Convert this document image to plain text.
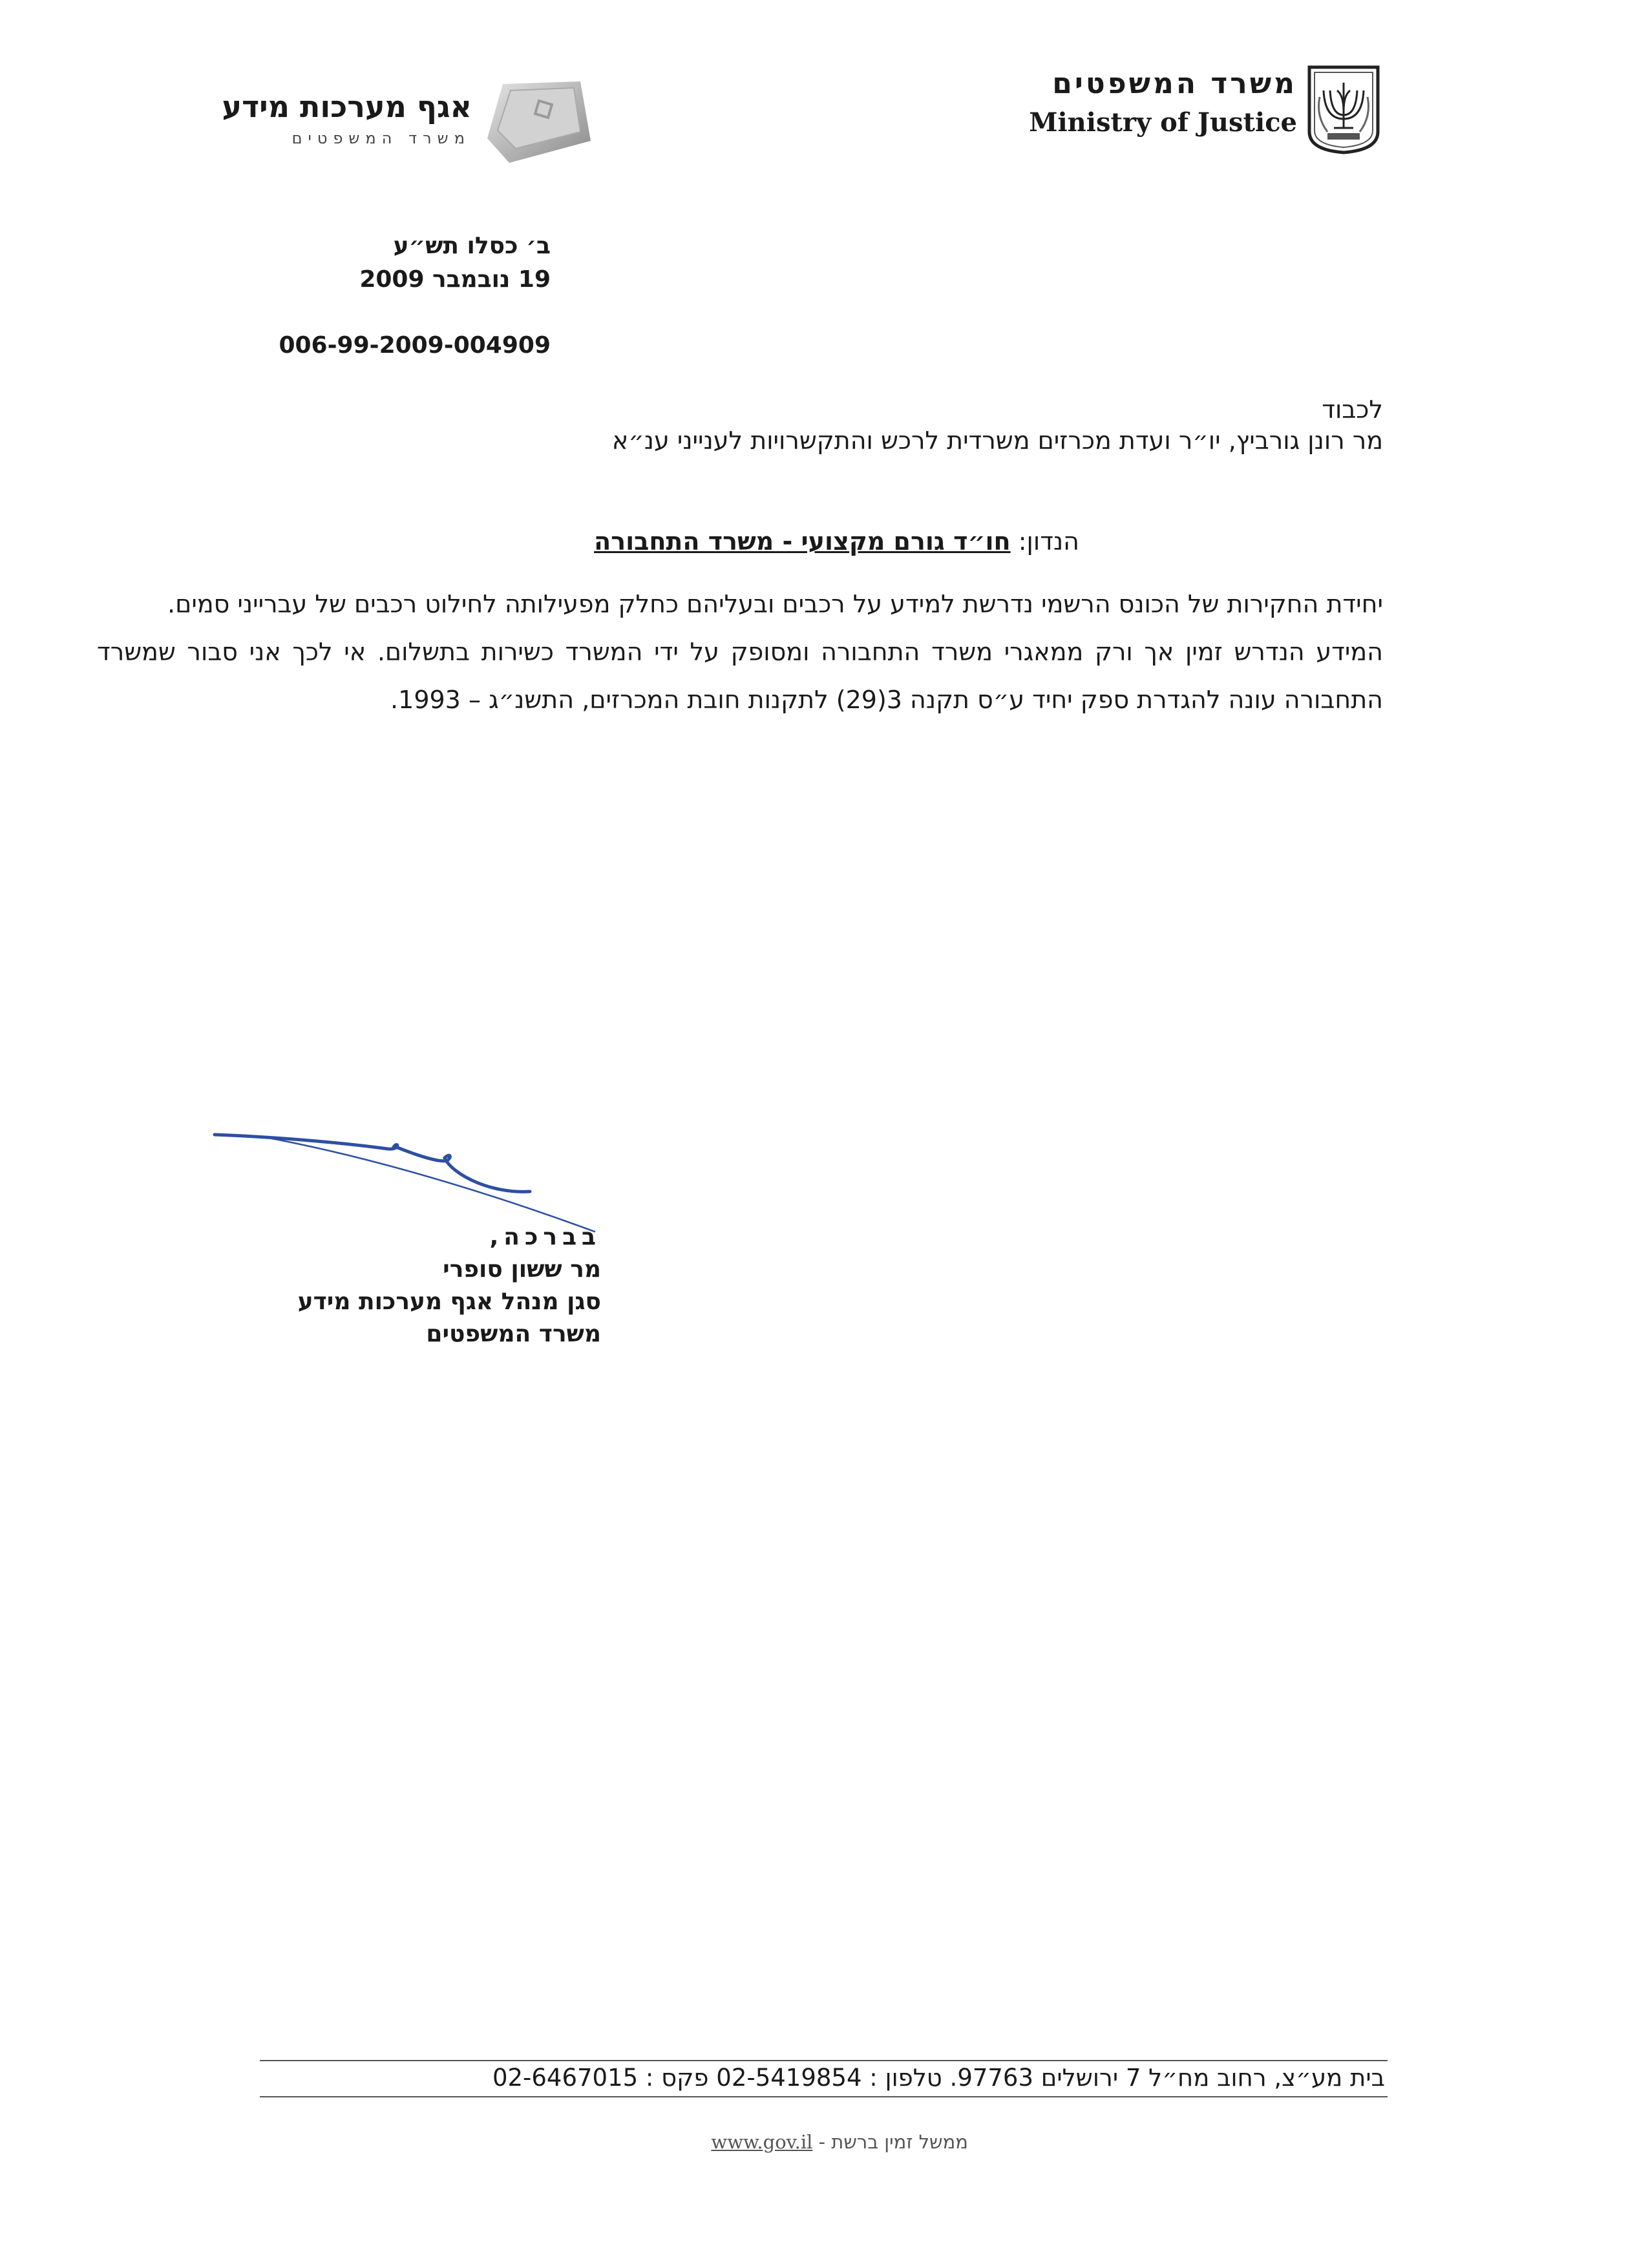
משרד המשפטים
Ministry of Justice
אגף מערכות מידע
משרד המשפטים
ב׳ כסלו תש״ע
19 נובמבר 2009
006-99-2009-004909
לכבוד
מר רונן גורביץ, יו״ר ועדת מכרזים משרדית לרכש והתקשרויות לענייני ענ״א
הנדון: חו״ד גורם מקצועי - משרד התחבורה

יחידת החקירות של הכונס הרשמי נדרשת למידע על רכבים ובעליהם כחלק מפעילותה לחילוט רכבים של עברייני סמים.

המידע הנדרש זמין אך ורק ממאגרי משרד התחבורה ומסופק על ידי המשרד כשירות בתשלום. אי לכך אני סבור שמשרד התחבורה עונה להגדרת ספק יחיד ע״ס תקנה 3(29) לתקנות חובת המכרזים, התשנ״ג – 1993.

בברכה,
מר ששון סופרי
סגן מנהל אגף מערכות מידע
משרד המשפטים
בית מע״צ, רחוב מח״ל 7 ירושלים 97763. טלפון : 02-5419854 פקס : 02-6467015
ממשל זמין ברשת - www.gov.il
